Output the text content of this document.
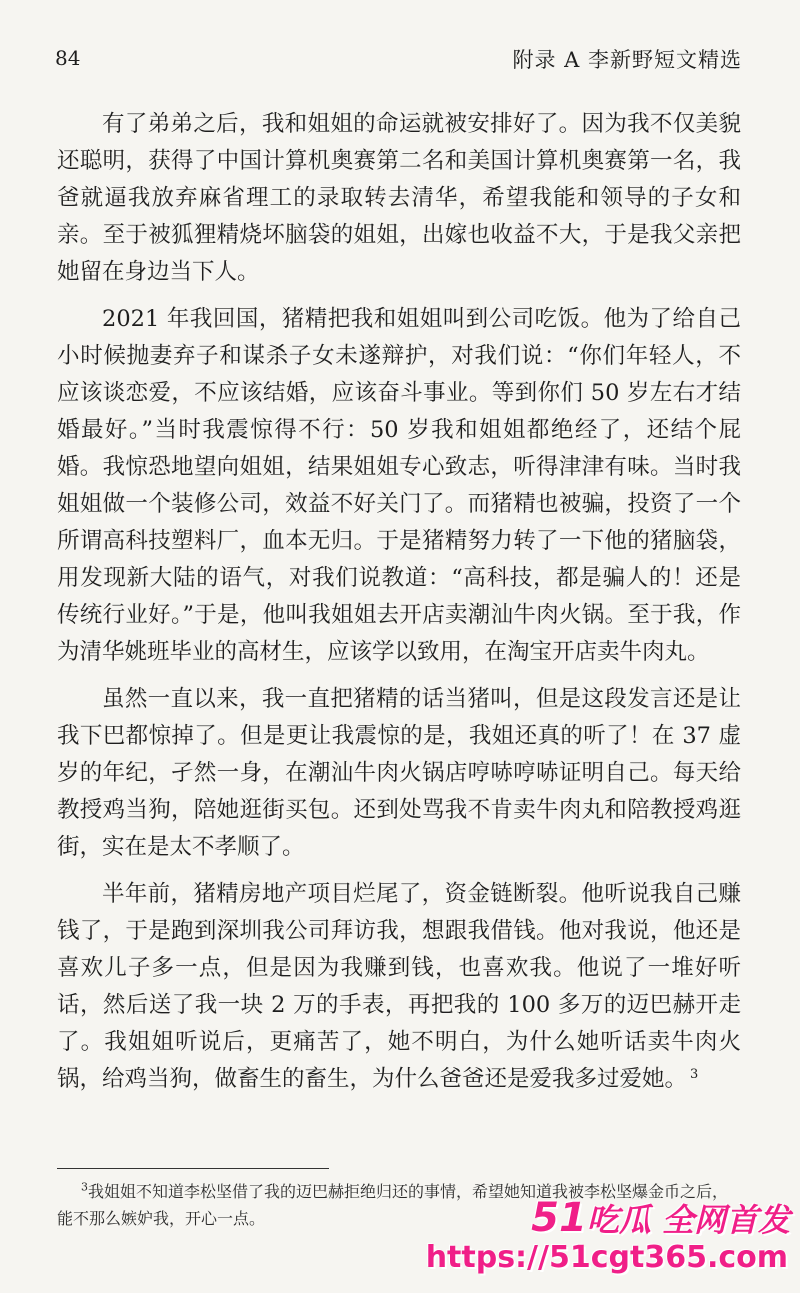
84	附录 A 李新野短文精选

有了弟弟之后，我和姐姐的命运就被安排好了。因为我不仅美貌还聪明，获得了中国计算机奥赛第二名和美国计算机奥赛第一名，我爸就逼我放弃麻省理工的录取转去清华，希望我能和领导的子女和亲。至于被狐狸精烧坏脑袋的姐姐，出嫁也收益不大，于是我父亲把她留在身边当下人。

2021 年我回国，猪精把我和姐姐叫到公司吃饭。他为了给自己小时候抛妻弃子和谋杀子女未遂辩护，对我们说：“你们年轻人，不应该谈恋爱，不应该结婚，应该奋斗事业。等到你们 50 岁左右才结婚最好。”当时我震惊得不行：50 岁我和姐姐都绝经了，还结个屁婚。我惊恐地望向姐姐，结果姐姐专心致志，听得津津有味。当时我姐姐做一个装修公司，效益不好关门了。而猪精也被骗，投资了一个所谓高科技塑料厂，血本无归。于是猪精努力转了一下他的猪脑袋，用发现新大陆的语气，对我们说教道：“高科技，都是骗人的！还是传统行业好。”于是，他叫我姐姐去开店卖潮汕牛肉火锅。至于我，作为清华姚班毕业的高材生，应该学以致用，在淘宝开店卖牛肉丸。

虽然一直以来，我一直把猪精的话当猪叫，但是这段发言还是让我下巴都惊掉了。但是更让我震惊的是，我姐还真的听了！在 37 虚岁的年纪，孑然一身，在潮汕牛肉火锅店哼哧哼哧证明自己。每天给教授鸡当狗，陪她逛街买包。还到处骂我不肯卖牛肉丸和陪教授鸡逛街，实在是太不孝顺了。

半年前，猪精房地产项目烂尾了，资金链断裂。他听说我自己赚钱了，于是跑到深圳我公司拜访我，想跟我借钱。他对我说，他还是喜欢儿子多一点，但是因为我赚到钱，也喜欢我。他说了一堆好听话，然后送了我一块 2 万的手表，再把我的 100 多万的迈巴赫开走了。我姐姐听说后，更痛苦了，她不明白，为什么她听话卖牛肉火锅，给鸡当狗，做畜生的畜生，为什么爸爸还是爱我多过爱她。 $^3$

$^3$我姐姐不知道李松坚借了我的迈巴赫拒绝归还的事情，希望她知道我被李松坚爆金币之后，能不那么嫉妒我，开心一点。	51吃瓜 全网首发
https://51cgt365.com
